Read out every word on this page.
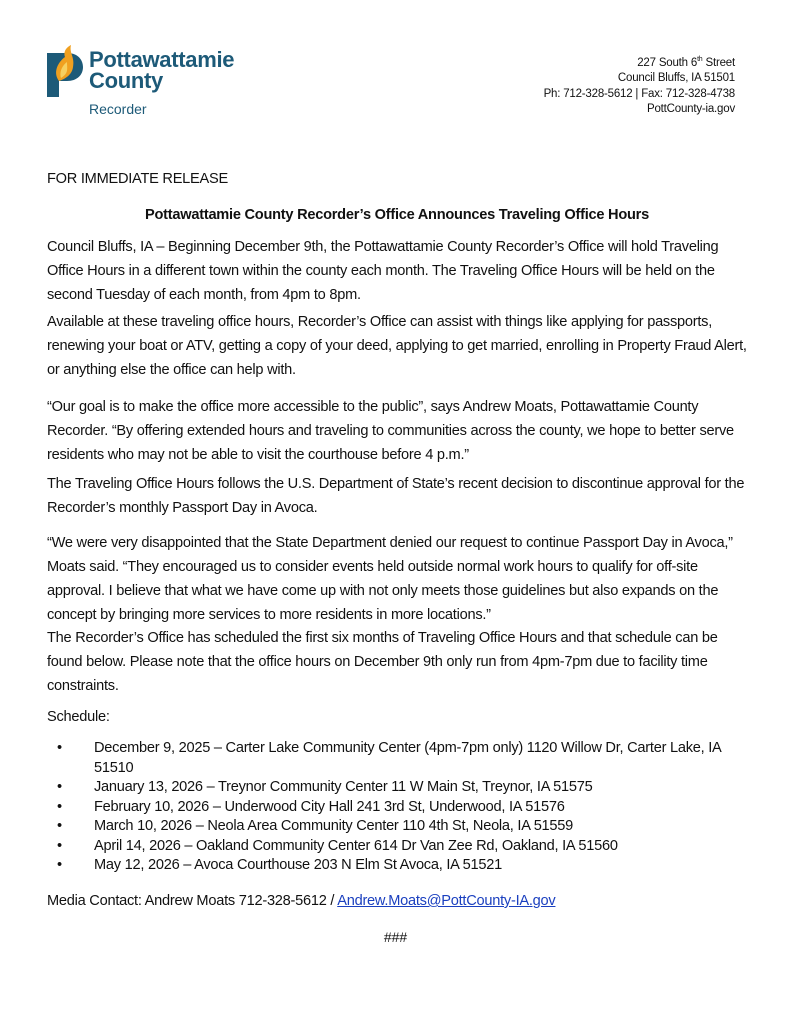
Pottawattamie
County
Recorder
227 South 6th Street
Council Bluffs, IA 51501
Ph: 712-328-5612 | Fax: 712-328-4738
PottCounty-ia.gov
FOR IMMEDIATE RELEASE
Pottawattamie County Recorder’s Office Announces Traveling Office Hours
Council Bluffs, IA – Beginning December 9th, the Pottawattamie County Recorder’s Office will hold Traveling Office Hours in a different town within the county each month. The Traveling Office Hours will be held on the second Tuesday of each month, from 4pm to 8pm.
Available at these traveling office hours, Recorder’s Office can assist with things like applying for passports, renewing your boat or ATV, getting a copy of your deed, applying to get married, enrolling in Property Fraud Alert, or anything else the office can help with.
“Our goal is to make the office more accessible to the public”, says Andrew Moats, Pottawattamie County Recorder. “By offering extended hours and traveling to communities across the county, we hope to better serve residents who may not be able to visit the courthouse before 4 p.m.”
The Traveling Office Hours follows the U.S. Department of State’s recent decision to discontinue approval for the Recorder’s monthly Passport Day in Avoca.
“We were very disappointed that the State Department denied our request to continue Passport Day in Avoca,” Moats said. “They encouraged us to consider events held outside normal work hours to qualify for off-site approval. I believe that what we have come up with not only meets those guidelines but also expands on the concept by bringing more services to more residents in more locations.”
The Recorder’s Office has scheduled the first six months of Traveling Office Hours and that schedule can be found below. Please note that the office hours on December 9th only run from 4pm-7pm due to facility time constraints.
Schedule:
• December 9, 2025 – Carter Lake Community Center (4pm-7pm only) 1120 Willow Dr, Carter Lake, IA 51510
• January 13, 2026 – Treynor Community Center 11 W Main St, Treynor, IA 51575
• February 10, 2026 – Underwood City Hall 241 3rd St, Underwood, IA 51576
• March 10, 2026 – Neola Area Community Center 110 4th St, Neola, IA 51559
• April 14, 2026 – Oakland Community Center 614 Dr Van Zee Rd, Oakland, IA 51560
• May 12, 2026 – Avoca Courthouse 203 N Elm St Avoca, IA 51521
Media Contact: Andrew Moats 712-328-5612 / Andrew.Moats@PottCounty-IA.gov
###
